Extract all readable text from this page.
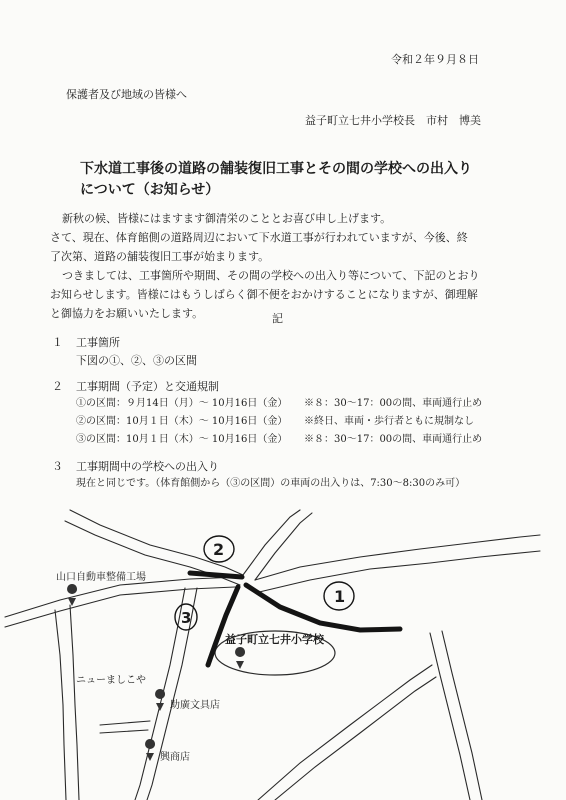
令和２年９月８日
保護者及び地域の皆様へ
益子町立七井小学校長　市村　博美
下水道工事後の道路の舗装復旧工事とその間の学校への出入り
について（お知らせ）
新秋の候、皆様にはますます御清栄のこととお喜び申し上げます。
さて、現在、体育館側の道路周辺において下水道工事が行われていますが、今後、終
了次第、道路の舗装復旧工事が始まります。
つきましては、工事箇所や期間、その間の学校への出入り等について、下記のとおり
お知らせします。皆様にはもうしばらく御不便をおかけすることになりますが、御理解
と御協力をお願いいたします。	記
１ 工事箇所
下図の①、②、③の区間
２ 工事期間（予定）と交通規制
①の区間：９月14日（月）～ 10月16日（金） ※８：30～17：00の間、車両通行止め
②の区間：10月１日（木）～ 10月16日（金） ※終日、車両・歩行者ともに規制なし
③の区間：10月１日（木）～ 10月16日（金） ※８：30～17：00の間、車両通行止め
３ 工事期間中の学校への出入り
現在と同じです。（体育館側から（③の区間）の車両の出入りは、7:30～8:30のみ可）
2
1
3
山口自動車整備工場
益子町立七井小学校
ニューましこや
助廣文具店
興商店
